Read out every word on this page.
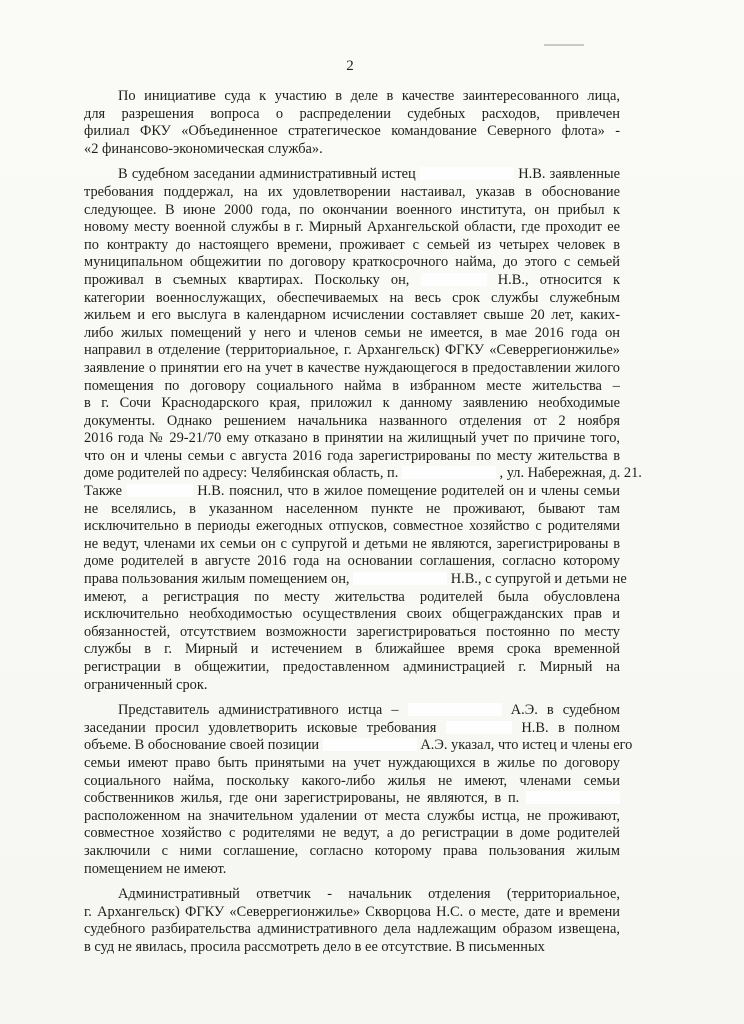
2

По инициативе суда к участию в деле в качестве заинтересованного лица,
для разрешения вопроса о распределении судебных расходов, привлечен
филиал ФКУ «Объединенное стратегическое командование Северного флота» -
«2 финансово-экономическая служба».

В судебном заседании административный истец	Н.В. заявленные
требования поддержал, на их удовлетворении настаивал, указав в обоснование
следующее. В июне 2000 года, по окончании военного института, он прибыл к
новому месту военной службы в г. Мирный Архангельской области, где проходит ее
по контракту до настоящего времени, проживает с семьей из четырех человек в
муниципальном общежитии по договору краткосрочного найма, до этого с семьей
проживал в съемных квартирах. Поскольку он,	Н.В., относится к
категории военнослужащих, обеспечиваемых на весь срок службы служебным
жильем и его выслуга в календарном исчислении составляет свыше 20 лет, каких-
либо жилых помещений у него и членов семьи не имеется, в мае 2016 года он
направил в отделение (территориальное, г. Архангельск) ФГКУ «Северрегионжилье»
заявление о принятии его на учет в качестве нуждающегося в предоставлении жилого
помещения по договору социального найма в избранном месте жительства –
в г. Сочи Краснодарского края, приложил к данному заявлению необходимые
документы. Однако решением начальника названного отделения от 2 ноября
2016 года № 29-21/70 ему отказано в принятии на жилищный учет по причине того,
что он и члены семьи с августа 2016 года зарегистрированы по месту жительства в
доме родителей по адресу: Челябинская область, п.	, ул. Набережная, д. 21.
Также	Н.В. пояснил, что в жилое помещение родителей он и члены семьи
не вселялись, в указанном населенном пункте не проживают, бывают там
исключительно в периоды ежегодных отпусков, совместное хозяйство с родителями
не ведут, членами их семьи он с супругой и детьми не являются, зарегистрированы в
доме родителей в августе 2016 года на основании соглашения, согласно которому
права пользования жилым помещением он,	Н.В., с супругой и детьми не
имеют, а регистрация по месту жительства родителей была обусловлена
исключительно необходимостью осуществления своих общегражданских прав и
обязанностей, отсутствием возможности зарегистрироваться постоянно по месту
службы в г. Мирный и истечением в ближайшее время срока временной
регистрации в общежитии, предоставленном администрацией г. Мирный на
ограниченный срок.

Представитель административного истца –	А.Э. в судебном
заседании просил удовлетворить исковые требования	Н.В. в полном
объеме. В обоснование своей позиции	А.Э. указал, что истец и члены его
семьи имеют право быть принятыми на учет нуждающихся в жилье по договору
социального найма, поскольку какого-либо жилья не имеют, членами семьи
собственников жилья, где они зарегистрированы, не являются, в п.
расположенном на значительном удалении от места службы истца, не проживают,
совместное хозяйство с родителями не ведут, а до регистрации в доме родителей
заключили с ними соглашение, согласно которому права пользования жилым
помещением не имеют.

Административный ответчик - начальник отделения (территориальное,
г. Архангельск) ФГКУ «Северрегионжилье» Скворцова Н.С. о месте, дате и времени
судебного разбирательства административного дела надлежащим образом извещена,
в суд не явилась, просила рассмотреть дело в ее отсутствие. В письменных
